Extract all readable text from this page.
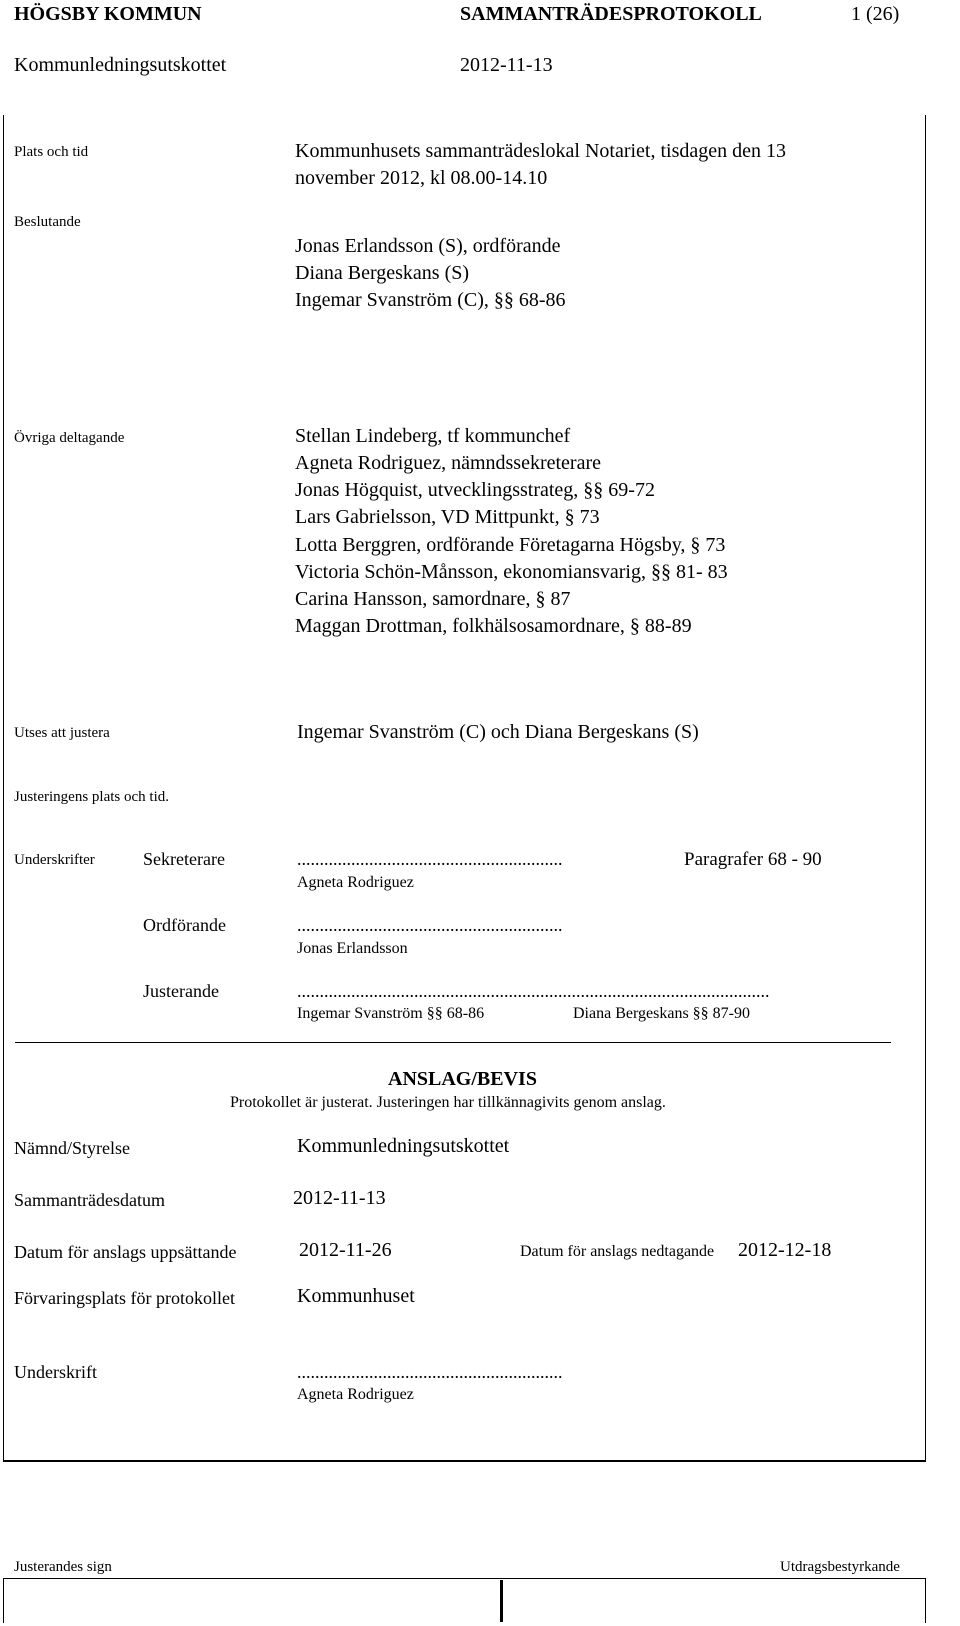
HÖGSBY KOMMUN	SAMMANTRÄDESPROTOKOLL	1 (26)
Kommunledningsutskottet	2012-11-13
Plats och tid	Kommunhusets sammanträdeslokal Notariet, tisdagen den 13
november 2012, kl 08.00-14.10
Beslutande
Jonas Erlandsson (S), ordförande
Diana Bergeskans (S)
Ingemar Svanström (C), §§ 68-86
Övriga deltagande	Stellan Lindeberg, tf kommunchef
Agneta Rodriguez, nämndssekreterare
Jonas Högquist, utvecklingsstrateg, §§ 69-72
Lars Gabrielsson, VD Mittpunkt, § 73
Lotta Berggren, ordförande Företagarna Högsby, § 73
Victoria Schön-Månsson, ekonomiansvarig, §§ 81- 83
Carina Hansson, samordnare, § 87
Maggan Drottman, folkhälsosamordnare, § 88-89
Utses att justera	Ingemar Svanström (C) och Diana Bergeskans (S)
Justeringens plats och tid.
Underskrifter	Sekreterare	...........................................................
Agneta Rodriguez
Paragrafer 68 - 90
Ordförande	...........................................................
Jonas Erlandsson
Justerande	.........................................................................................................
Ingemar Svanström §§ 68-86	Diana Bergeskans §§ 87-90
ANSLAG/BEVIS
Protokollet är justerat. Justeringen har tillkännagivits genom anslag.
Nämnd/Styrelse	Kommunledningsutskottet
Sammanträdesdatum	2012-11-13
Datum för anslags uppsättande	2012-11-26	Datum för anslags nedtagande 2012-12-18
Förvaringsplats för protokollet	Kommunhuset
Underskrift	...........................................................
Agneta Rodriguez
Justerandes sign	Utdragsbestyrkande
